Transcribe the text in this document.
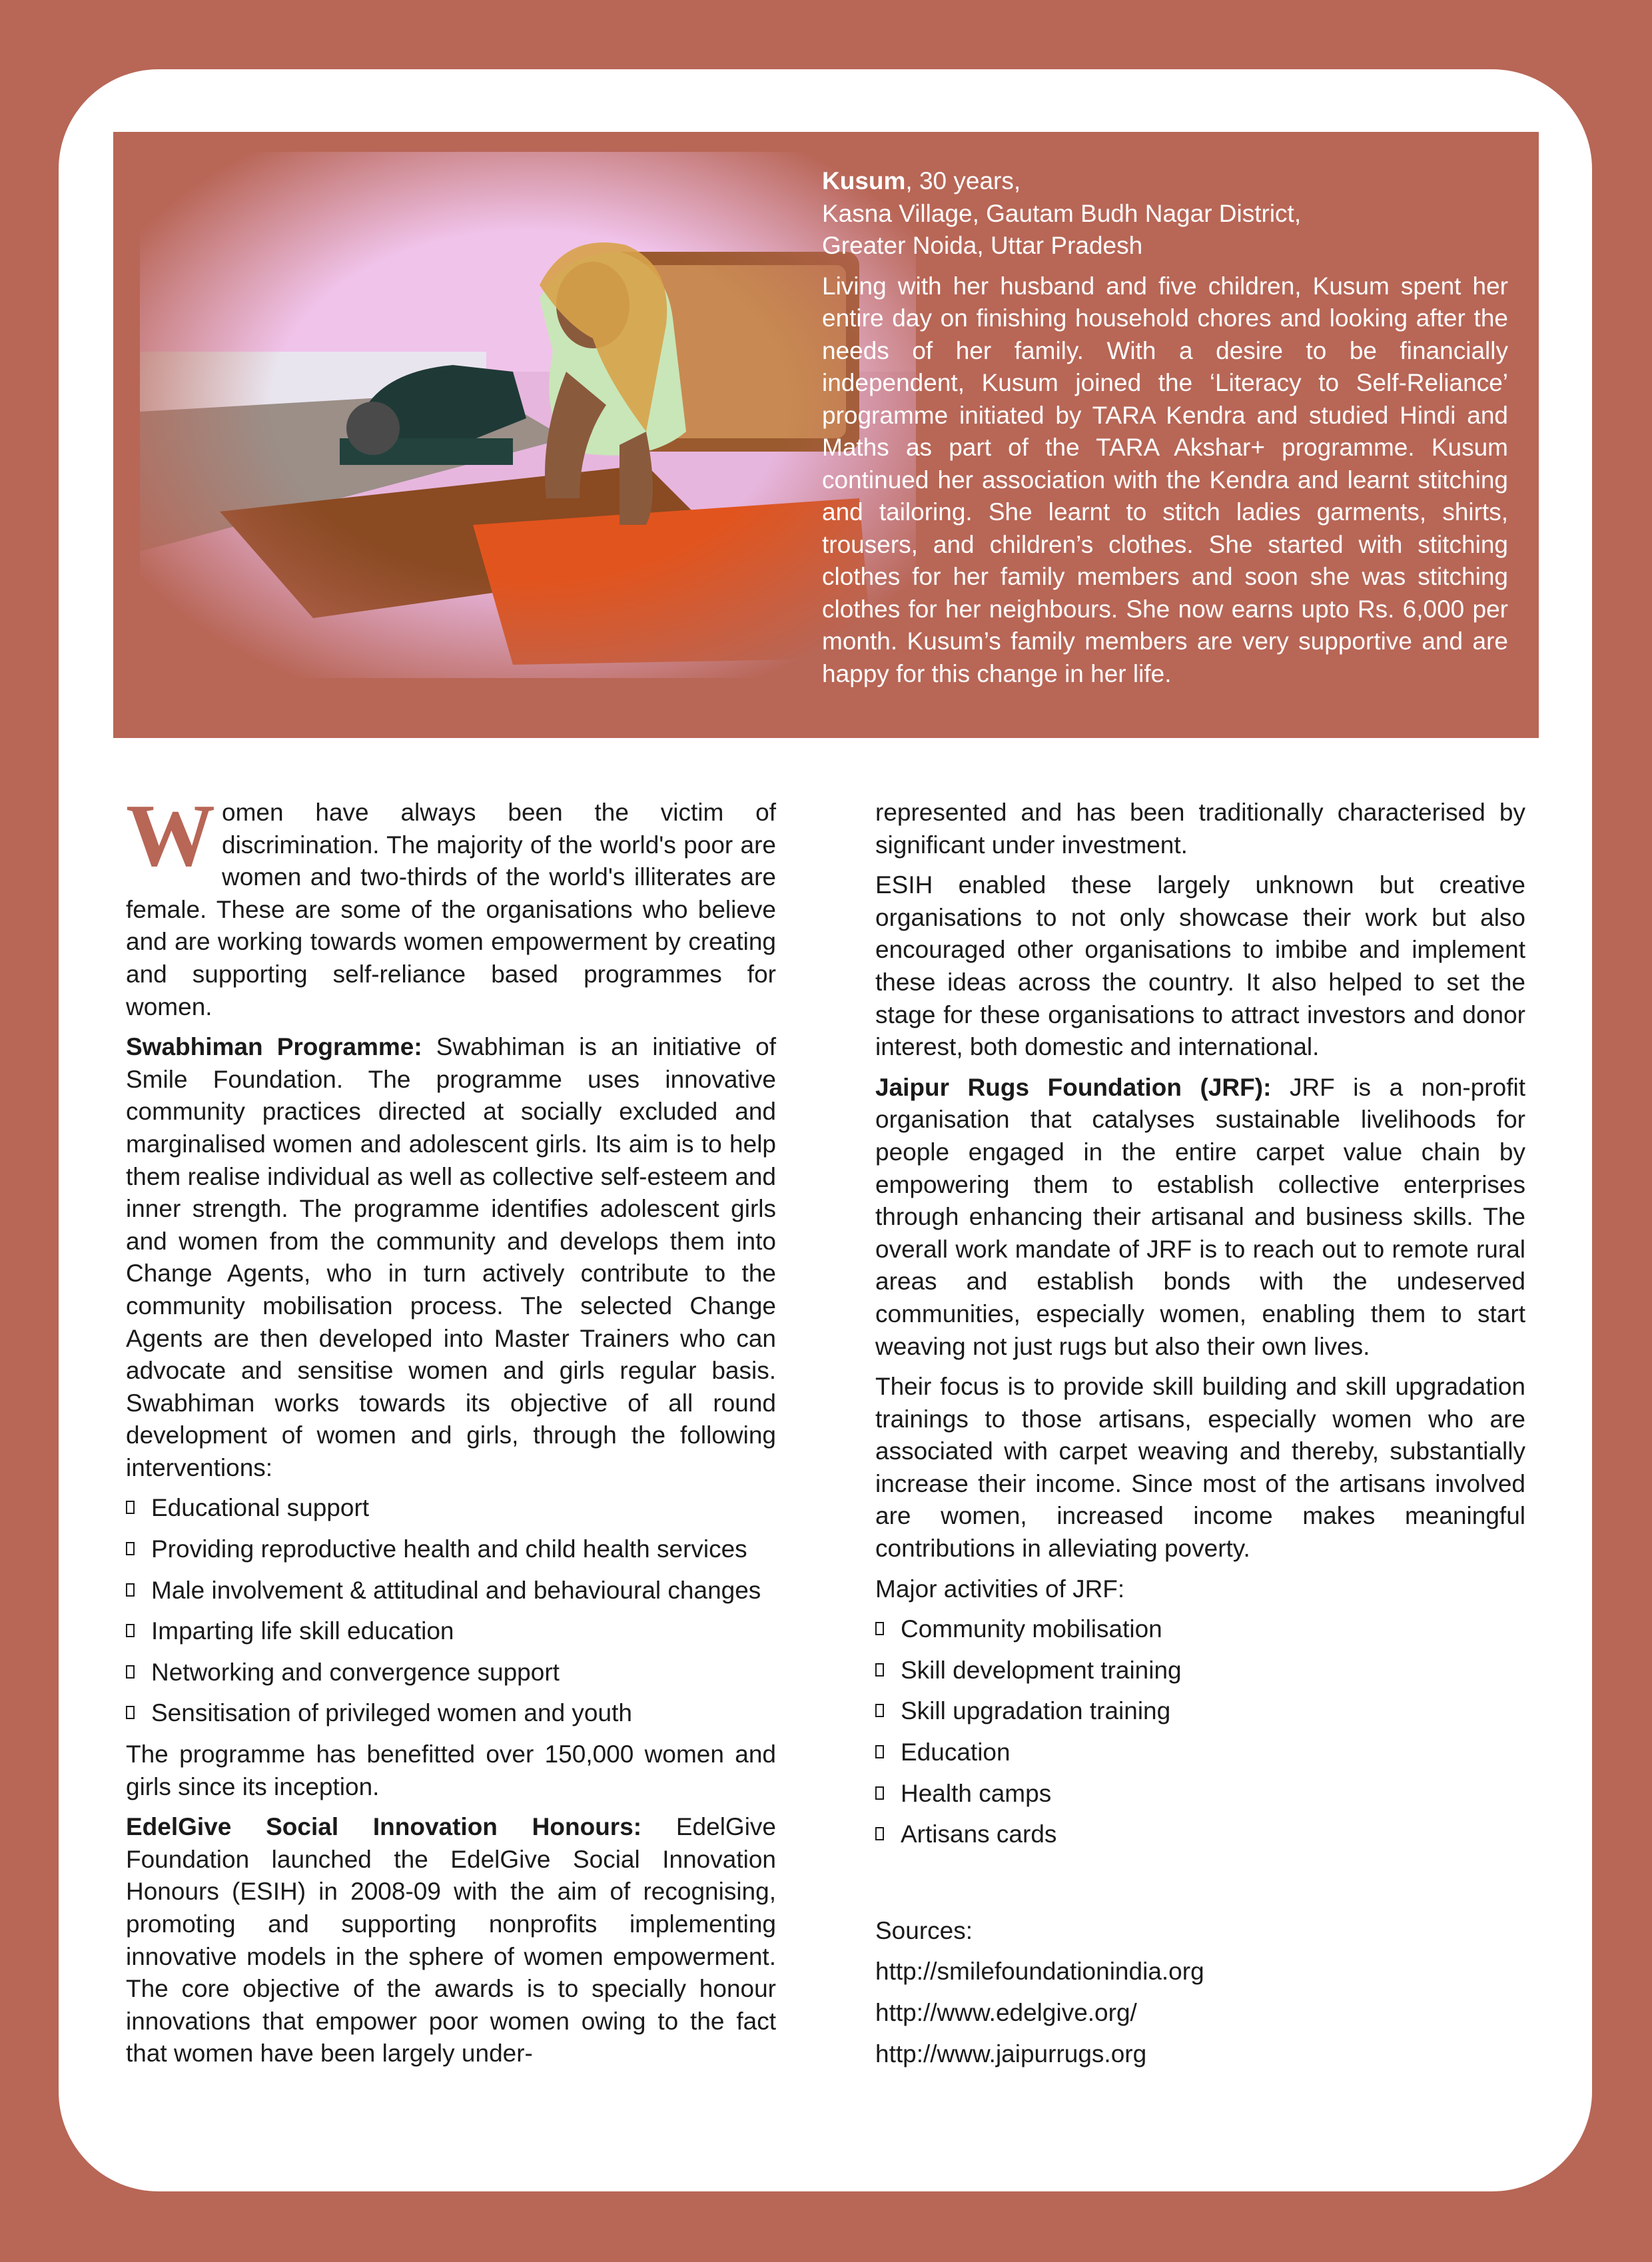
Kusum, 30 years,
Kasna Village, Gautam Budh Nagar District,
Greater Noida, Uttar Pradesh

Living with her husband and five children, Kusum spent her entire day on finishing household chores and looking after the needs of her family. With a desire to be financially independent, Kusum joined the ‘Literacy to Self-Reliance’ programme initiated by TARA Kendra and studied Hindi and Maths as part of the TARA Akshar+ programme. Kusum continued her association with the Kendra and learnt stitching and tailoring. She learnt to stitch ladies garments, shirts, trousers, and children’s clothes. She started with stitching clothes for her family members and soon she was stitching clothes for her neighbours. She now earns upto Rs. 6,000 per month. Kusum’s family members are very supportive and are happy for this change in her life.

Women have always been the victim of discrimination. The majority of the world's poor are women and two-thirds of the world's illiterates are female. These are some of the organisations who believe and are working towards women empowerment by creating and supporting self-reliance based programmes for women.

Swabhiman Programme: Swabhiman is an initiative of Smile Foundation. The programme uses innovative community practices directed at socially excluded and marginalised women and adolescent girls. Its aim is to help them realise individual as well as collective self-esteem and inner strength. The programme identifies adolescent girls and women from the community and develops them into Change Agents, who in turn actively contribute to the community mobilisation process. The selected Change Agents are then developed into Master Trainers who can advocate and sensitise women and girls regular basis. Swabhiman works towards its objective of all round development of women and girls, through the following interventions:

Educational support
Providing reproductive health and child health services
Male involvement & attitudinal and behavioural changes
Imparting life skill education
Networking and convergence support
Sensitisation of privileged women and youth

The programme has benefitted over 150,000 women and girls since its inception.

EdelGive Social Innovation Honours: EdelGive Foundation launched the EdelGive Social Innovation Honours (ESIH) in 2008-09 with the aim of recognising, promoting and supporting nonprofits implementing innovative models in the sphere of women empowerment. The core objective of the awards is to specially honour innovations that empower poor women owing to the fact that women have been largely under-

represented and has been traditionally characterised by significant under investment.

ESIH enabled these largely unknown but creative organisations to not only showcase their work but also encouraged other organisations to imbibe and implement these ideas across the country. It also helped to set the stage for these organisations to attract investors and donor interest, both domestic and international.

Jaipur Rugs Foundation (JRF): JRF is a non-profit organisation that catalyses sustainable livelihoods for people engaged in the entire carpet value chain by empowering them to establish collective enterprises through enhancing their artisanal and business skills. The overall work mandate of JRF is to reach out to remote rural areas and establish bonds with the undeserved communities, especially women, enabling them to start weaving not just rugs but also their own lives.

Their focus is to provide skill building and skill upgradation trainings to those artisans, especially women who are associated with carpet weaving and thereby, substantially increase their income. Since most of the artisans involved are women, increased income makes meaningful contributions in alleviating poverty.

Major activities of JRF:

Community mobilisation
Skill development training
Skill upgradation training
Education
Health camps
Artisans cards
Sources:
http://smilefoundationindia.org
http://www.edelgive.org/
http://www.jaipurrugs.org
